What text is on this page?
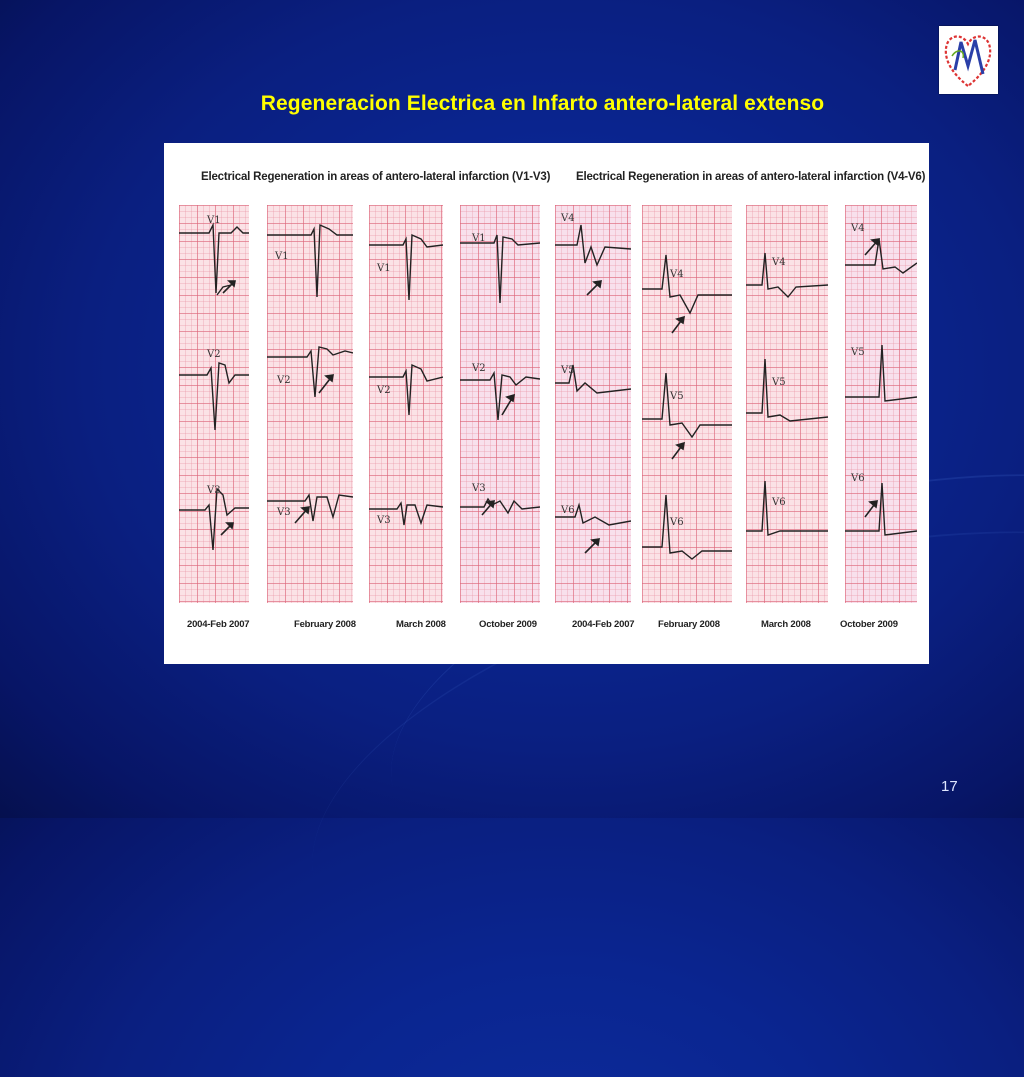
Regeneracion Electrica en Infarto antero-lateral extenso
Electrical Regeneration in areas of antero-lateral infarction (V1-V3) Electrical Regeneration in areas of antero-lateral infarction (V4-V6)
V1
V2
V3
V1
V2
V3
V1
V2
V3
V1
V2
V3
V4
V5
V6
V4
V5
V6
V4
V5
V6
V4
V5
V6
2004-Feb 2007	February 2008	March 2008	October 2009	2004-Feb 2007 February 2008	March 2008	October 2009
17
